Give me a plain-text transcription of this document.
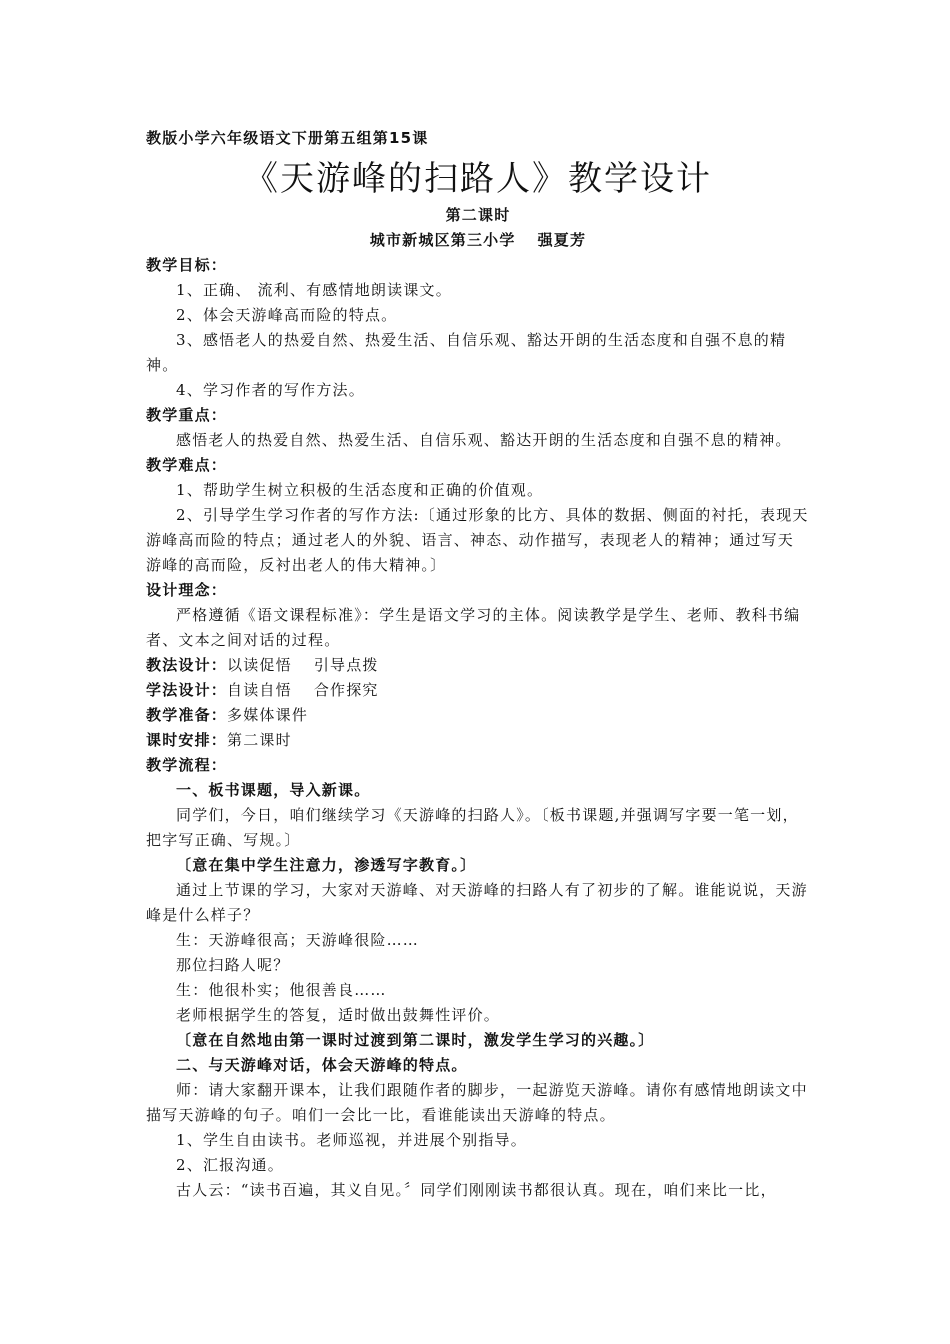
教版小学六年级语文下册第五组第15课
《天游峰的扫路人》教学设计
第二课时
城市新城区第三小学 强夏芳
教学目标：
1、正确、 流利、有感情地朗读课文。
2、体会天游峰高而险的特点。
3、感悟老人的热爱自然、热爱生活、自信乐观、豁达开朗的生活态度和自强不息的精神。
4、学习作者的写作方法。
教学重点：
感悟老人的热爱自然、热爱生活、自信乐观、豁达开朗的生活态度和自强不息的精神。
教学难点：
1、帮助学生树立积极的生活态度和正确的价值观。
2、引导学生学习作者的写作方法:〔通过形象的比方、具体的数据、侧面的衬托，表现天游峰高而险的特点；通过老人的外貌、语言、神态、动作描写，表现老人的精神；通过写天游峰的高而险，反衬出老人的伟大精神。〕
设计理念：
严格遵循《语文课程标准》：学生是语文学习的主体。阅读教学是学生、老师、教科书编者、文本之间对话的过程。
教法设计：以读促悟 引导点拨
学法设计：自读自悟 合作探究
教学准备：多媒体课件
课时安排：第二课时
教学流程：
一、板书课题，导入新课。
同学们，今日，咱们继续学习《天游峰的扫路人》。〔板书课题,并强调写字要一笔一划，把字写正确、写规。〕
〔意在集中学生注意力，渗透写字教育。〕
通过上节课的学习，大家对天游峰、对天游峰的扫路人有了初步的了解。谁能说说，天游峰是什么样子？
生：天游峰很高；天游峰很险……
那位扫路人呢？
生：他很朴实；他很善良……
老师根据学生的答复，适时做出鼓舞性评价。
〔意在自然地由第一课时过渡到第二课时，激发学生学习的兴趣。〕
二、与天游峰对话，体会天游峰的特点。
师：请大家翻开课本，让我们跟随作者的脚步，一起游览天游峰。请你有感情地朗读文中描写天游峰的句子。咱们一会比一比，看谁能读出天游峰的特点。
1、学生自由读书。老师巡视，并进展个别指导。
2、汇报沟通。
古人云：“读书百遍，其义自见。〞同学们刚刚读书都很认真。现在，咱们来比一比，
